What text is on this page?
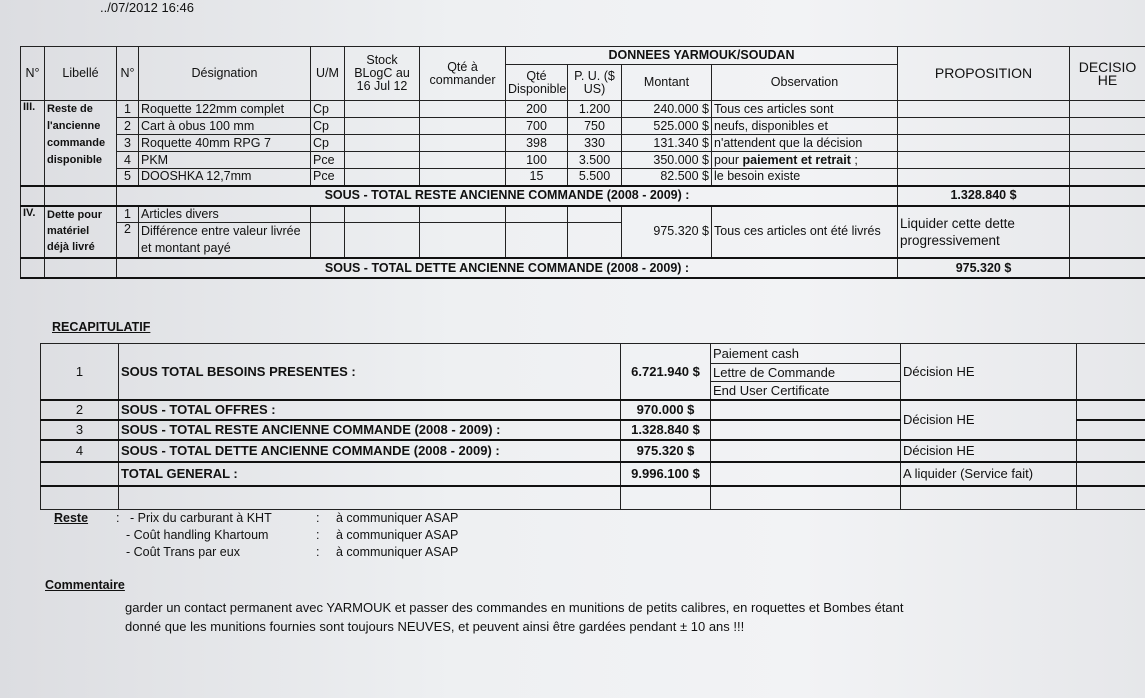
../07/2012 16:46
N°	Libellé	N°	Désignation	U/M	Stock BLogC au 16 Jul 12	Qté à commander	DONNEES YARMOUK/SOUDAN				PROPOSITION	DECISIO HE
							Qté Disponible	P. U. ($ US)	Montant	Observation		
III.	Reste de l'ancienne commande disponible	1	Roquette 122mm complet	Cp			200	1.200	240.000 $	Tous ces articles sont		
		2	Cart à obus 100 mm	Cp			700	750	525.000 $	neufs, disponibles et		
		3	Roquette 40mm RPG 7	Cp			398	330	131.340 $	n'attendent que la décision		
		4	PKM	Pce			100	3.500	350.000 $	pour paiement et retrait ;		
		5	DOOSHKA 12,7mm	Pce			15	5.500	82.500 $	le besoin existe		
		SOUS - TOTAL RESTE ANCIENNE COMMANDE (2008 - 2009) :									1.328.840 $	
IV.	Dette pour matériel déjà livré	1	Articles divers						975.320 $	Tous ces articles ont été livrés	Liquider cette dette progressivement	
		2	Différence entre valeur livrée et montant payé									
		SOUS - TOTAL DETTE ANCIENNE COMMANDE (2008 - 2009) :									975.320 $	
RECAPITULATIF
1	SOUS TOTAL BESOINS PRESENTES :	6.721.940 $	Paiement cash	Décision HE	
			Lettre de Commande		
			End User Certificate		
2	SOUS - TOTAL OFFRES :	970.000 $		Décision HE	
3	SOUS - TOTAL RESTE ANCIENNE COMMANDE (2008 - 2009) :	1.328.840 $			
4	SOUS - TOTAL DETTE ANCIENNE COMMANDE (2008 - 2009) :	975.320 $		Décision HE	
	TOTAL GENERAL :	9.996.100 $		A liquider (Service fait)	

Reste : - Prix du carburant à KHT	: à communiquer ASAP
- Coût handling Khartoum	: à communiquer ASAP
- Coût Trans par eux	: à communiquer ASAP
Commentaire
garder un contact permanent avec YARMOUK et passer des commandes en munitions de petits calibres, en roquettes et Bombes étant
donné que les munitions fournies sont toujours NEUVES, et peuvent ainsi être gardées pendant ± 10 ans !!!
